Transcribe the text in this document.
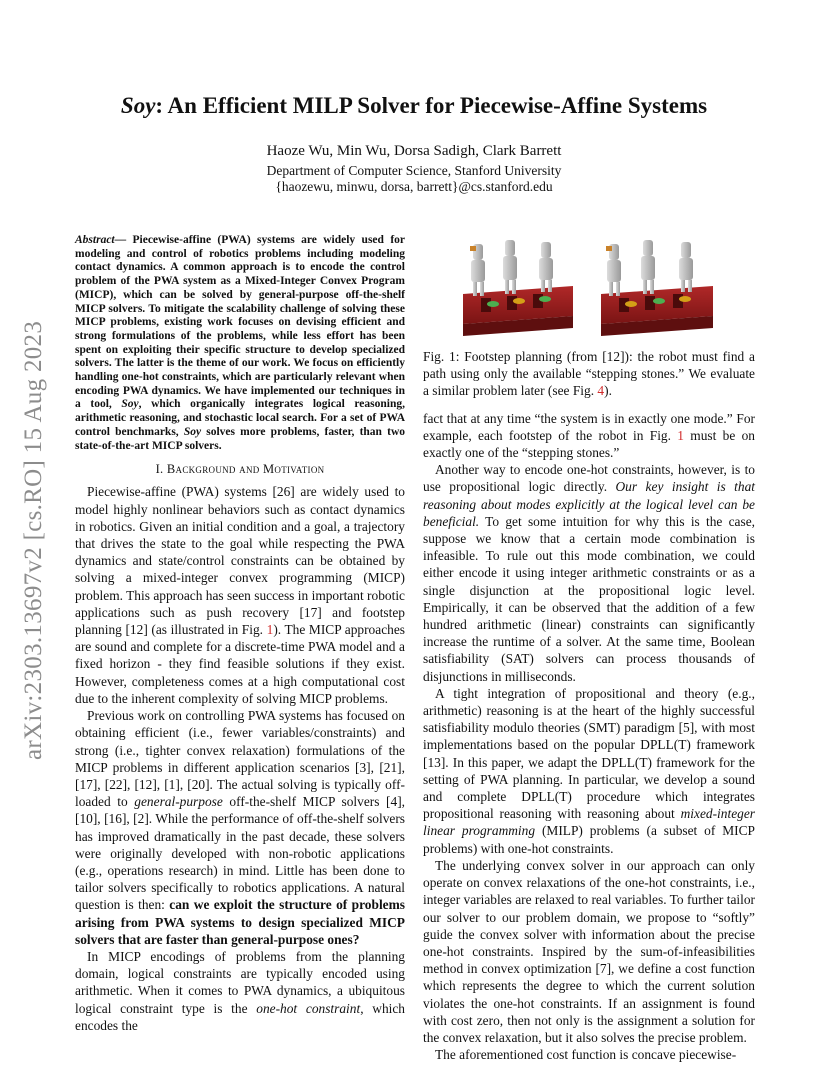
arXiv:2303.13697v2 [cs.RO] 15 Aug 2023
Soy: An Efficient MILP Solver for Piecewise-Affine Systems
Haoze Wu, Min Wu, Dorsa Sadigh, Clark Barrett
Department of Computer Science, Stanford University
{haozewu, minwu, dorsa, barrett}@cs.stanford.edu

Abstract— Piecewise-affine (PWA) systems are widely used for modeling and control of robotics problems including modeling contact dynamics. A common approach is to encode the control problem of the PWA system as a Mixed-Integer Convex Program (MICP), which can be solved by general-purpose off-the-shelf MICP solvers. To mitigate the scalability challenge of solving these MICP problems, existing work focuses on devising efficient and strong formulations of the problems, while less effort has been spent on exploiting their specific structure to develop specialized solvers. The latter is the theme of our work. We focus on efficiently handling one-hot constraints, which are particularly relevant when encoding PWA dynamics. We have implemented our techniques in a tool, Soy, which organically integrates logical reasoning, arithmetic reasoning, and stochastic local search. For a set of PWA control benchmarks, Soy solves more problems, faster, than two state-of-the-art MICP solvers.

I. Background and Motivation

Piecewise-affine (PWA) systems [26] are widely used to model highly nonlinear behaviors such as contact dynamics in robotics. Given an initial condition and a goal, a trajectory that drives the state to the goal while respecting the PWA dynamics and state/control constraints can be obtained by solving a mixed-integer convex programming (MICP) problem. This approach has seen success in important robotic applications such as push recovery [17] and footstep planning [12] (as illustrated in Fig. 1). The MICP approaches are sound and complete for a discrete-time PWA model and a fixed horizon - they find feasible solutions if they exist. However, completeness comes at a high computational cost due to the inherent complexity of solving MICP problems.

Previous work on controlling PWA systems has focused on obtaining efficient (i.e., fewer variables/constraints) and strong (i.e., tighter convex relaxation) formulations of the MICP problems in different application scenarios [3], [21], [17], [22], [12], [1], [20]. The actual solving is typically off-loaded to general-purpose off-the-shelf MICP solvers [4], [10], [16], [2]. While the performance of off-the-shelf solvers has improved dramatically in the past decade, these solvers were originally developed with non-robotic applications (e.g., operations research) in mind. Little has been done to tailor solvers specifically to robotics applications. A natural question is then: can we exploit the structure of problems arising from PWA systems to design specialized MICP solvers that are faster than general-purpose ones?

In MICP encodings of problems from the planning domain, logical constraints are typically encoded using arithmetic. When it comes to PWA dynamics, a ubiquitous logical constraint type is the one-hot constraint, which encodes the

Fig. 1: Footstep planning (from [12]): the robot must find a path using only the available “stepping stones.” We evaluate a similar problem later (see Fig. 4).

fact that at any time “the system is in exactly one mode.” For example, each footstep of the robot in Fig. 1 must be on exactly one of the “stepping stones.”

Another way to encode one-hot constraints, however, is to use propositional logic directly. Our key insight is that reasoning about modes explicitly at the logical level can be beneficial. To get some intuition for why this is the case, suppose we know that a certain mode combination is infeasible. To rule out this mode combination, we could either encode it using integer arithmetic constraints or as a single disjunction at the propositional logic level. Empirically, it can be observed that the addition of a few hundred arithmetic (linear) constraints can significantly increase the runtime of a solver. At the same time, Boolean satisfiability (SAT) solvers can process thousands of disjunctions in milliseconds.

A tight integration of propositional and theory (e.g., arithmetic) reasoning is at the heart of the highly successful satisfiability modulo theories (SMT) paradigm [5], with most implementations based on the popular DPLL(T) framework [13]. In this paper, we adapt the DPLL(T) framework for the setting of PWA planning. In particular, we develop a sound and complete DPLL(T) procedure which integrates propositional reasoning with reasoning about mixed-integer linear programming (MILP) problems (a subset of MICP problems) with one-hot constraints.

The underlying convex solver in our approach can only operate on convex relaxations of the one-hot constraints, i.e., integer variables are relaxed to real variables. To further tailor our solver to our problem domain, we propose to “softly” guide the convex solver with information about the precise one-hot constraints. Inspired by the sum-of-infeasibilities method in convex optimization [7], we define a cost function which represents the degree to which the current solution violates the one-hot constraints. If an assignment is found with cost zero, then not only is the assignment a solution for the convex relaxation, but it also solves the precise problem.

The aforementioned cost function is concave piecewise-
